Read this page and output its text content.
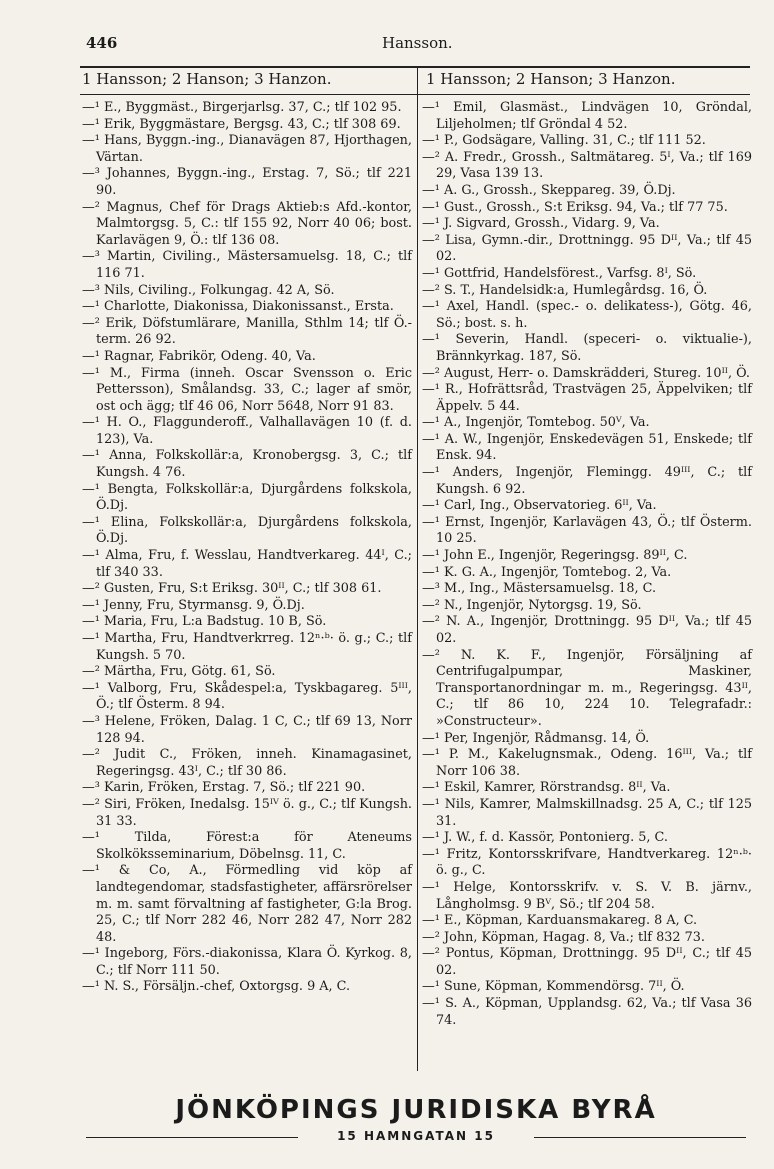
446	Hansson.
1 Hansson; 2 Hanson; 3 Hanzon.	1 Hansson; 2 Hanson; 3 Hanzon.

—¹ E., Byggmäst., Birgerjarlsg. 37, C.; tlf 102 95.

—¹ Erik, Byggmästare, Bergsg. 43, C.; tlf 308 69.

—¹ Hans, Byggn.-ing., Dianavägen 87, Hjorthagen, Värtan.

—³ Johannes, Byggn.-ing., Erstag. 7, Sö.; tlf 221 90.

—² Magnus, Chef för Drags Aktieb:s Afd.-kontor, Malmtorgsg. 5, C.: tlf 155 92, Norr 40 06; bost. Karlavägen 9, Ö.: tlf 136 08.

—³ Martin, Civiling., Mästersamuelsg. 18, C.; tlf 116 71.

—³ Nils, Civiling., Folkungag. 42 A, Sö.

—¹ Charlotte, Diakonissa, Diakonissanst., Ersta.

—² Erik, Döfstumlärare, Manilla, Sthlm 14; tlf Ö.-term. 26 92.

—¹ Ragnar, Fabrikör, Odeng. 40, Va.

—¹ M., Firma (inneh. Oscar Svensson o. Eric Pettersson), Smålandsg. 33, C.; lager af smör, ost och ägg; tlf 46 06, Norr 5648, Norr 91 83.

—¹ H. O., Flaggunderoff., Valhallavägen 10 (f. d. 123), Va.

—¹ Anna, Folkskollär:a, Kronobergsg. 3, C.; tlf Kungsh. 4 76.

—¹ Bengta, Folkskollär:a, Djurgårdens folkskola, Ö.Dj.

—¹ Elina, Folkskollär:a, Djurgårdens folkskola, Ö.Dj.

—¹ Alma, Fru, f. Wesslau, Handtverkareg. 44ᴵ, C.; tlf 340 33.

—² Gusten, Fru, S:t Eriksg. 30ᴵᴵ, C.; tlf 308 61.

—¹ Jenny, Fru, Styrmansg. 9, Ö.Dj.

—¹ Maria, Fru, L:a Badstug. 10 B, Sö.

—¹ Martha, Fru, Handtverkrreg. 12ⁿ·ᵇ· ö. g.; C.; tlf Kungsh. 5 70.

—² Märtha, Fru, Götg. 61, Sö.

—¹ Valborg, Fru, Skådespel:a, Tyskbagareg. 5ᴵᴵᴵ, Ö.; tlf Österm. 8 94.

—³ Helene, Fröken, Dalag. 1 C, C.; tlf 69 13, Norr 128 94.

—² Judit C., Fröken, inneh. Kinamagasinet, Regeringsg. 43ᴵ, C.; tlf 30 86.

—³ Karin, Fröken, Erstag. 7, Sö.; tlf 221 90.

—² Siri, Fröken, Inedalsg. 15ᴵⱽ ö. g., C.; tlf Kungsh. 31 33.

—¹ Tilda, Förest:a för Ateneums Skolköksseminarium, Döbelnsg. 11, C.

—¹ & Co, A., Förmedling vid köp af landtegendomar, stadsfastigheter, affärsrörelser m. m. samt förvaltning af fastigheter, G:la Brog. 25, C.; tlf Norr 282 46, Norr 282 47, Norr 282 48.

—¹ Ingeborg, Förs.-diakonissa, Klara Ö. Kyrkog. 8, C.; tlf Norr 111 50.

—¹ N. S., Försäljn.-chef, Oxtorgsg. 9 A, C.

—¹ Emil, Glasmäst., Lindvägen 10, Gröndal, Liljeholmen; tlf Gröndal 4 52.

—¹ P., Godsägare, Valling. 31, C.; tlf 111 52.

—² A. Fredr., Grossh., Saltmätareg. 5ᴵ, Va.; tlf 169 29, Vasa 139 13.

—¹ A. G., Grossh., Skeppareg. 39, Ö.Dj.

—¹ Gust., Grossh., S:t Eriksg. 94, Va.; tlf 77 75.

—¹ J. Sigvard, Grossh., Vidarg. 9, Va.

—² Lisa, Gymn.-dir., Drottningg. 95 Dᴵᴵ, Va.; tlf 45 02.

—¹ Gottfrid, Handelsförest., Varfsg. 8ᴵ, Sö.

—² S. T., Handelsidk:a, Humlegårdsg. 16, Ö.

—¹ Axel, Handl. (spec.- o. delikatess-), Götg. 46, Sö.; bost. s. h.

—¹ Severin, Handl. (speceri- o. viktualie-), Brännkyrkag. 187, Sö.

—² August, Herr- o. Damskrädderi, Stureg. 10ᴵᴵ, Ö.

—¹ R., Hofrättsråd, Trastvägen 25, Äppelviken; tlf Äppelv. 5 44.

—¹ A., Ingenjör, Tomtebog. 50ⱽ, Va.

—¹ A. W., Ingenjör, Enskedevägen 51, Enskede; tlf Ensk. 94.

—¹ Anders, Ingenjör, Flemingg. 49ᴵᴵᴵ, C.; tlf Kungsh. 6 92.

—¹ Carl, Ing., Observatorieg. 6ᴵᴵ, Va.

—¹ Ernst, Ingenjör, Karlavägen 43, Ö.; tlf Österm. 10 25.

—¹ John E., Ingenjör, Regeringsg. 89ᴵᴵ, C.

—¹ K. G. A., Ingenjör, Tomtebog. 2, Va.

—³ M., Ing., Mästersamuelsg. 18, C.

—² N., Ingenjör, Nytorgsg. 19, Sö.

—² N. A., Ingenjör, Drottningg. 95 Dᴵᴵ, Va.; tlf 45 02.

—² N. K. F., Ingenjör, Försäljning af Centrifugalpumpar, Maskiner, Transportanordningar m. m., Regeringsg. 43ᴵᴵ, C.; tlf 86 10, 224 10. Telegrafadr.: »Constructeur».

—¹ Per, Ingenjör, Rådmansg. 14, Ö.

—¹ P. M., Kakelugnsmak., Odeng. 16ᴵᴵᴵ, Va.; tlf Norr 106 38.

—¹ Eskil, Kamrer, Rörstrandsg. 8ᴵᴵ, Va.

—¹ Nils, Kamrer, Malmskillnadsg. 25 A, C.; tlf 125 31.

—¹ J. W., f. d. Kassör, Pontonierg. 5, C.

—¹ Fritz, Kontorsskrifvare, Handtverkareg. 12ⁿ·ᵇ· ö. g., C.

—¹ Helge, Kontorsskrifv. v. S. V. B. järnv., Långholmsg. 9 Bⱽ, Sö.; tlf 204 58.

—¹ E., Köpman, Karduansmakareg. 8 A, C.

—² John, Köpman, Hagag. 8, Va.; tlf 832 73.

—² Pontus, Köpman, Drottningg. 95 Dᴵᴵ, C.; tlf 45 02.

—¹ Sune, Köpman, Kommendörsg. 7ᴵᴵ, Ö.

—¹ S. A., Köpman, Upplandsg. 62, Va.; tlf Vasa 36 74.

JÖNKÖPINGS JURIDISKA BYRÅ
15 HAMNGATAN 15
